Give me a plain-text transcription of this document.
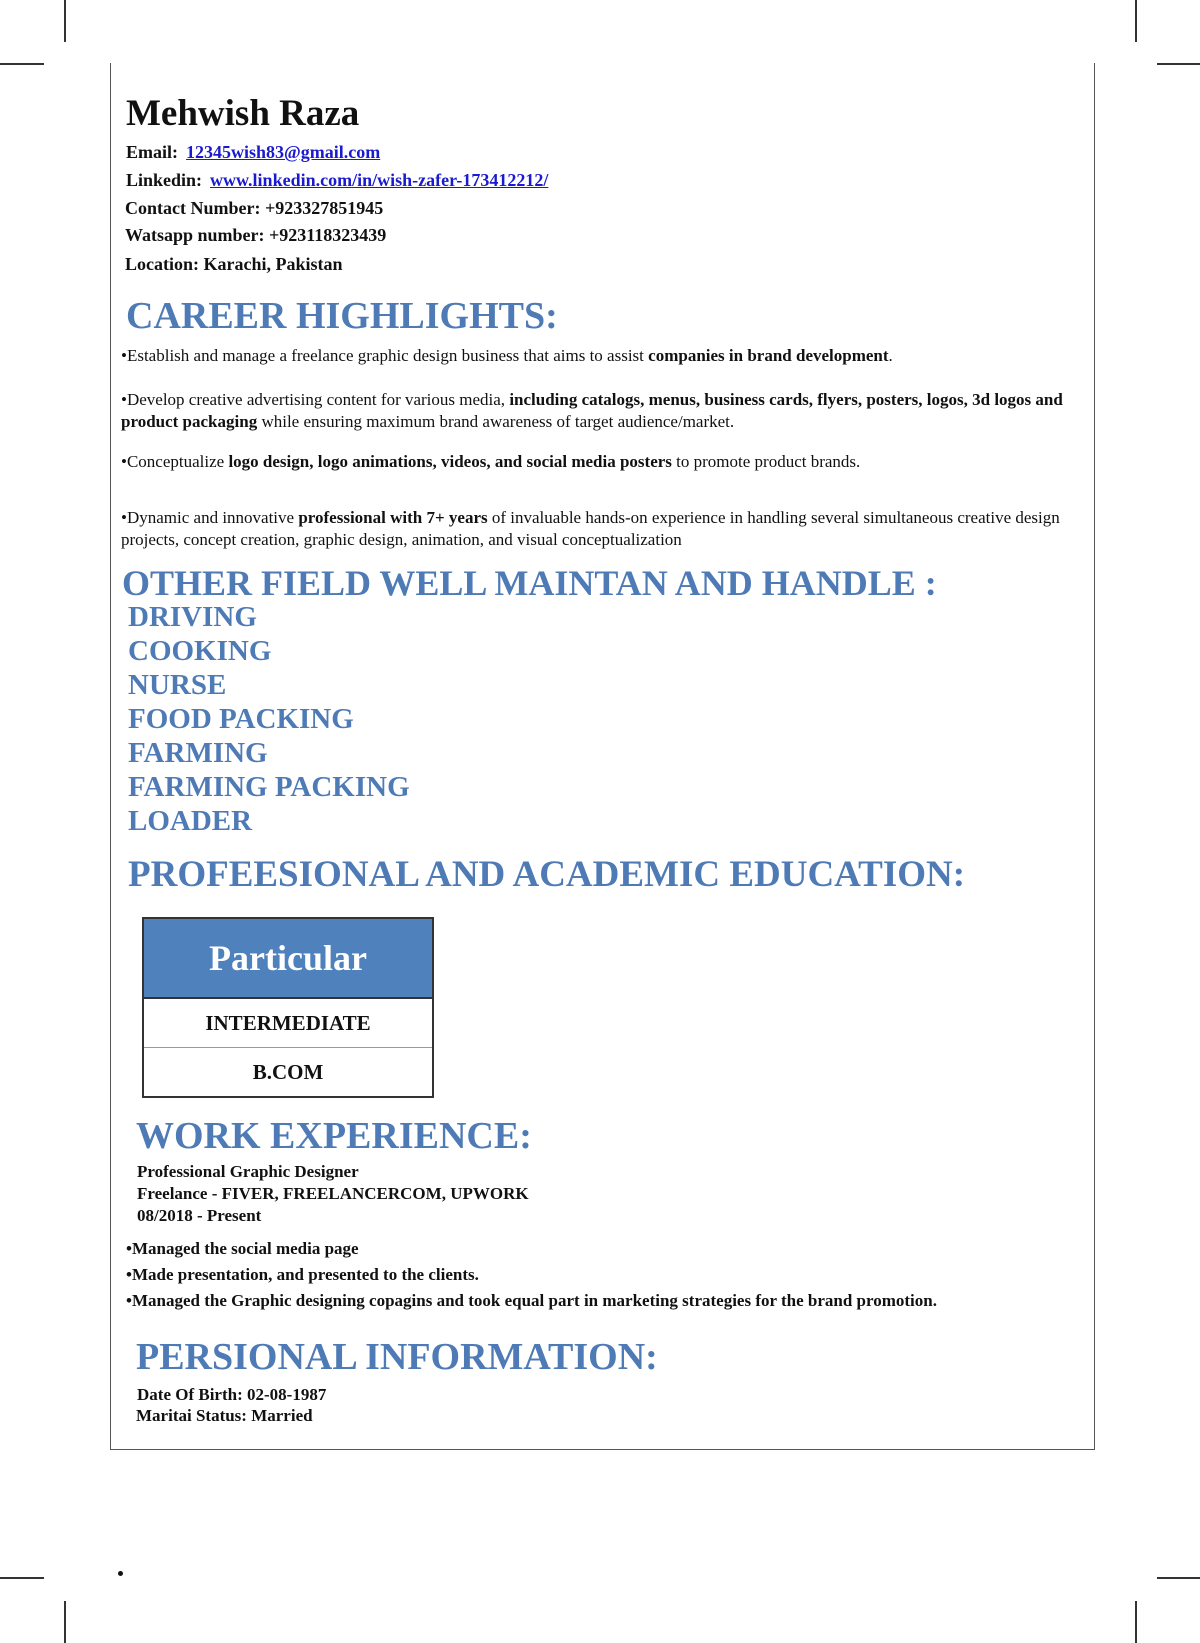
Mehwish Raza
Email: 12345wish83@gmail.com
Linkedin: www.linkedin.com/in/wish-zafer-173412212/
Contact Number: +923327851945
Watsapp number: +923118323439
Location: Karachi, Pakistan
CAREER HIGHLIGHTS:
•Establish and manage a freelance graphic design business that aims to assist companies in brand development.
•Develop creative advertising content for various media, including catalogs, menus, business cards, flyers, posters, logos, 3d logos and product packaging while ensuring maximum brand awareness of target audience/market.
•Conceptualize logo design, logo animations, videos, and social media posters to promote product brands.
•Dynamic and innovative professional with 7+ years of invaluable hands-on experience in handling several simultaneous creative design projects, concept creation, graphic design, animation, and visual conceptualization
OTHER FIELD WELL MAINTAN AND HANDLE :
DRIVING
COOKING
NURSE
FOOD PACKING
FARMING
FARMING PACKING
LOADER
PROFEESIONAL AND ACADEMIC EDUCATION:
Particular
INTERMEDIATE
B.COM
WORK EXPERIENCE:
Professional Graphic Designer
Freelance - FIVER, FREELANCERCOM, UPWORK
08/2018 - Present
•Managed the social media page
•Made presentation, and presented to the clients.
•Managed the Graphic designing copagins and took equal part in marketing strategies for the brand promotion.
PERSIONAL INFORMATION:
Date Of Birth: 02-08-1987
Maritai Status: Married
